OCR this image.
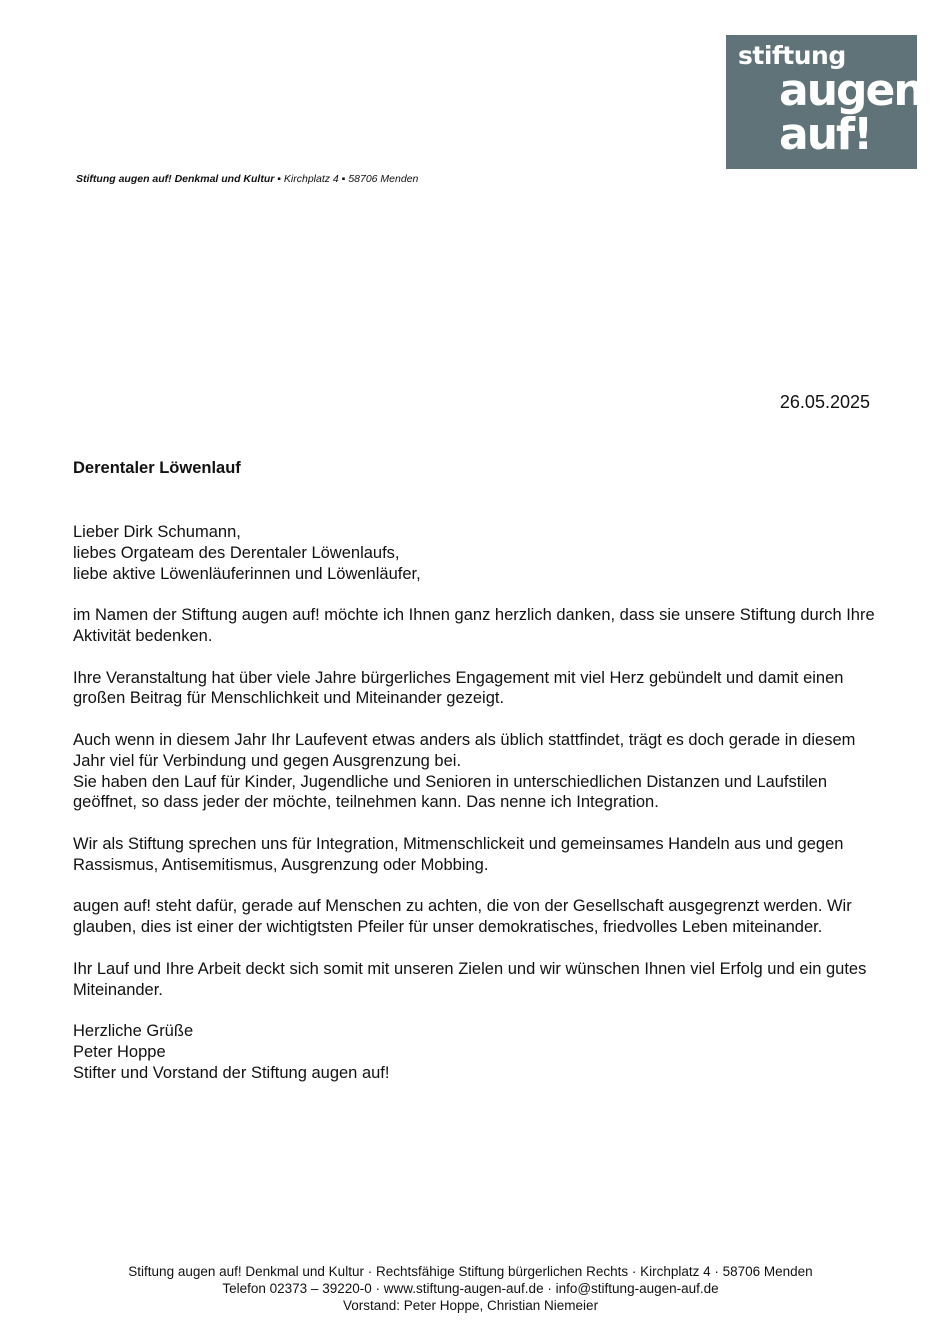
stiftung
augen
auf!
Stiftung augen auf! Denkmal und Kultur ▪ Kirchplatz 4 ▪ 58706 Menden
26.05.2025
Derentaler Löwenlauf

Lieber Dirk Schumann,
liebes Orgateam des Derentaler Löwenlaufs,
liebe aktive Löwenläuferinnen und Löwenläufer,

im Namen der Stiftung augen auf! möchte ich Ihnen ganz herzlich danken, dass sie unsere Stiftung durch Ihre Aktivität bedenken.

Ihre Veranstaltung hat über viele Jahre bürgerliches Engagement mit viel Herz gebündelt und damit einen großen Beitrag für Menschlichkeit und Miteinander gezeigt.

Auch wenn in diesem Jahr Ihr Laufevent etwas anders als üblich stattfindet, trägt es doch gerade in diesem Jahr viel für Verbindung und gegen Ausgrenzung bei.
Sie haben den Lauf für Kinder, Jugendliche und Senioren in unterschiedlichen Distanzen und Laufstilen geöffnet, so dass jeder der möchte, teilnehmen kann. Das nenne ich Integration.

Wir als Stiftung sprechen uns für Integration, Mitmenschlickeit und gemeinsames Handeln aus und gegen Rassismus, Antisemitismus, Ausgrenzung oder Mobbing.

augen auf! steht dafür, gerade auf Menschen zu achten, die von der Gesellschaft ausgegrenzt werden. Wir glauben, dies ist einer der wichtigtsten Pfeiler für unser demokratisches, friedvolles Leben miteinander.

Ihr Lauf und Ihre Arbeit deckt sich somit mit unseren Zielen und wir wünschen Ihnen viel Erfolg und ein gutes Miteinander.

Herzliche Grüße
Peter Hoppe
Stifter und Vorstand der Stiftung augen auf!

Stiftung augen auf! Denkmal und Kultur · Rechtsfähige Stiftung bürgerlichen Rechts · Kirchplatz 4 · 58706 Menden
Telefon 02373 – 39220-0 · www.stiftung-augen-auf.de · info@stiftung-augen-auf.de
Vorstand: Peter Hoppe, Christian Niemeier
